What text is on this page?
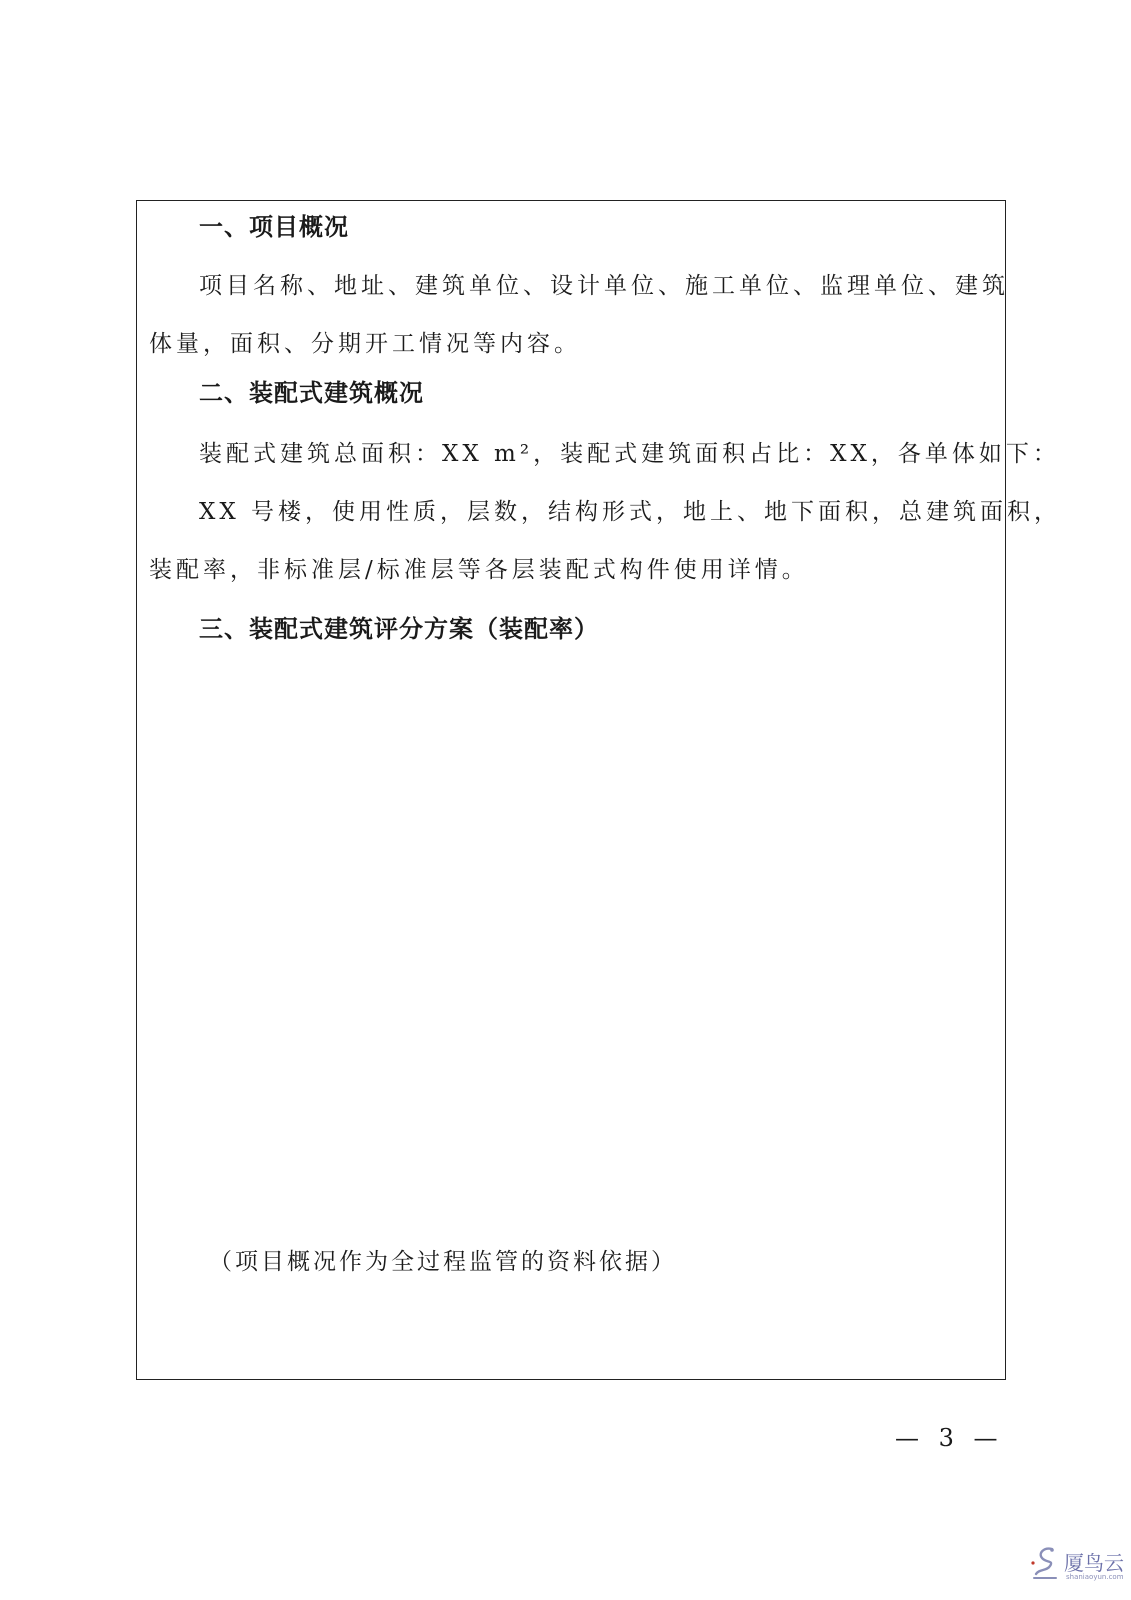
一、项目概况
项目名称、地址、建筑单位、设计单位、施工单位、监理单位、建筑
体量，面积、分期开工情况等内容。
二、装配式建筑概况
装配式建筑总面积：XX m²，装配式建筑面积占比：XX，各单体如下：
XX 号楼，使用性质，层数，结构形式，地上、地下面积，总建筑面积，
装配率，非标准层/标准层等各层装配式构件使用详情。
三、装配式建筑评分方案（装配率）
（项目概况作为全过程监管的资料依据）
— 3 —
厦鸟云
shaniaoyun.com
